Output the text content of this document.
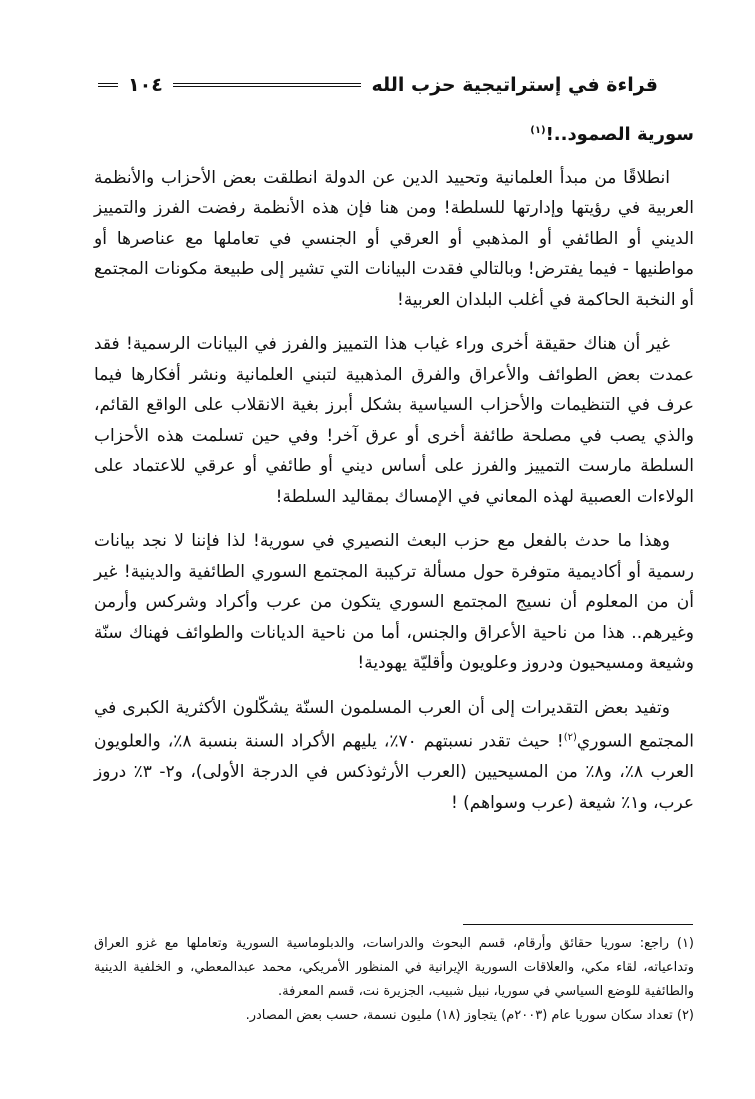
قراءة في إستراتيجية حزب الله
١٠٤
سورية الصمود..!$^{(١)}$

انطلاقًا من مبدأ العلمانية وتحييد الدين عن الدولة انطلقت بعض الأحزاب والأنظمة العربية في رؤيتها وإدارتها للسلطة! ومن هنا فإن هذه الأنظمة رفضت الفرز والتمييز الديني أو الطائفي أو المذهبي أو العرقي أو الجنسي في تعاملها مع عناصرها أو مواطنيها - فيما يفترض! وبالتالي فقدت البيانات التي تشير إلى طبيعة مكونات المجتمع أو النخبة الحاكمة في أغلب البلدان العربية!

غير أن هناك حقيقة أخرى وراء غياب هذا التمييز والفرز في البيانات الرسمية! فقد عمدت بعض الطوائف والأعراق والفرق المذهبية لتبني العلمانية ونشر أفكارها فيما عرف في التنظيمات والأحزاب السياسية بشكل أبرز بغية الانقلاب على الواقع القائم، والذي يصب في مصلحة طائفة أخرى أو عرق آخر! وفي حين تسلمت هذه الأحزاب السلطة مارست التمييز والفرز على أساس ديني أو طائفي أو عرقي للاعتماد على الولاءات العصبية لهذه المعاني في الإمساك بمقاليد السلطة!

وهذا ما حدث بالفعل مع حزب البعث النصيري في سورية! لذا فإننا لا نجد بيانات رسمية أو أكاديمية متوفرة حول مسألة تركيبة المجتمع السوري الطائفية والدينية! غير أن من المعلوم أن نسيج المجتمع السوري يتكون من عرب وأكراد وشركس وأرمن وغيرهم.. هذا من ناحية الأعراق والجنس، أما من ناحية الديانات والطوائف فهناك سنّة وشيعة ومسيحيون ودروز وعلويون وأقليّة يهودية!

وتفيد بعض التقديرات إلى أن العرب المسلمون السنّة يشكّلون الأكثرية الكبرى في المجتمع السوري$^{(٢)}$! حيث تقدر نسبتهم ٧٠٪، يليهم الأكراد السنة بنسبة ٨٪، والعلويون العرب ٨٪، و٨٪ من المسيحيين (العرب الأرثوذكس في الدرجة الأولى)، و٢- ٣٪ دروز عرب، و١٪ شيعة (عرب وسواهم) !

(١) راجع: سوريا حقائق وأرقام، قسم البحوث والدراسات، والدبلوماسية السورية وتعاملها مع غزو العراق وتداعياته، لقاء مكي، والعلاقات السورية الإيرانية في المنظور الأمريكي، محمد عبدالمعطي، و الخلفية الدينية والطائفية للوضع السياسي في سوريا، نبيل شبيب، الجزيرة نت، قسم المعرفة.

(٢) تعداد سكان سوريا عام (٢٠٠٣م) يتجاوز (١٨) مليون نسمة، حسب بعض المصادر.
